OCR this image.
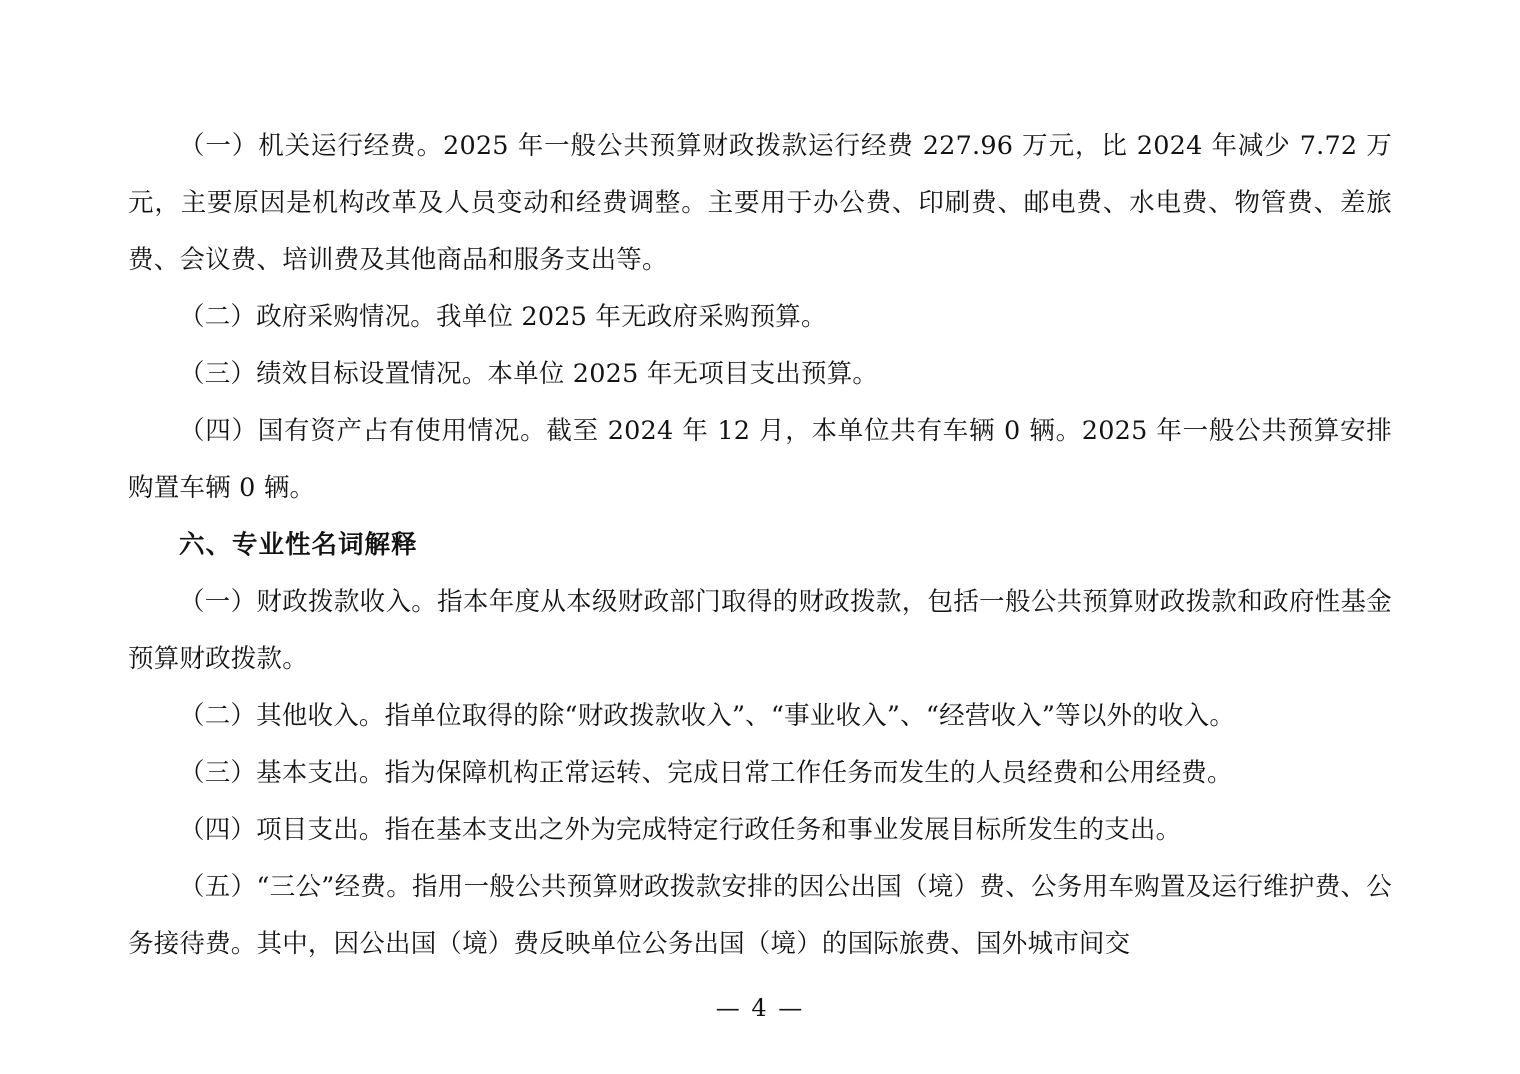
（一）机关运行经费。2025 年一般公共预算财政拨款运行经费 227.96 万元，比 2024 年减少 7.72 万元，主要原因是机构改革及人员变动和经费调整。主要用于办公费、印刷费、邮电费、水电费、物管费、差旅费、会议费、培训费及其他商品和服务支出等。

（二）政府采购情况。我单位 2025 年无政府采购预算。

（三）绩效目标设置情况。本单位 2025 年无项目支出预算。

（四）国有资产占有使用情况。截至 2024 年 12 月，本单位共有车辆 0 辆。2025 年一般公共预算安排购置车辆 0 辆。

六、专业性名词解释

（一）财政拨款收入。指本年度从本级财政部门取得的财政拨款，包括一般公共预算财政拨款和政府性基金预算财政拨款。

（二）其他收入。指单位取得的除“财政拨款收入”、“事业收入”、“经营收入”等以外的收入。

（三）基本支出。指为保障机构正常运转、完成日常工作任务而发生的人员经费和公用经费。

（四）项目支出。指在基本支出之外为完成特定行政任务和事业发展目标所发生的支出。

（五）“三公”经费。指用一般公共预算财政拨款安排的因公出国（境）费、公务用车购置及运行维护费、公务接待费。其中，因公出国（境）费反映单位公务出国（境）的国际旅费、国外城市间交

— 4 —
